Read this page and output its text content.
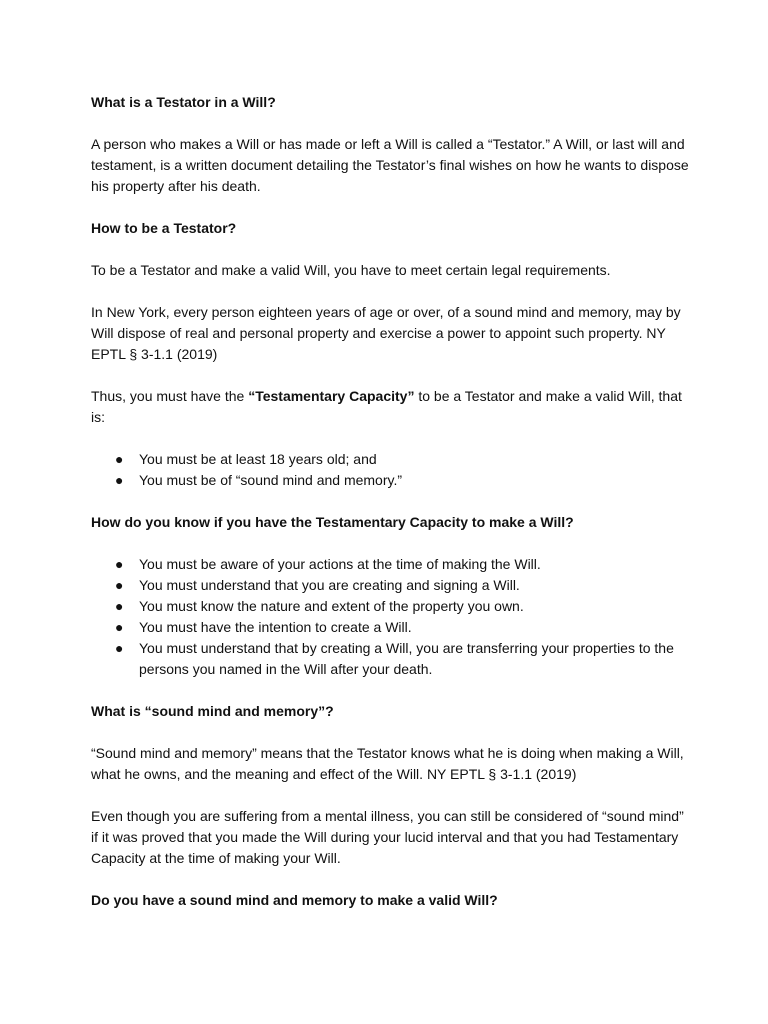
What is a Testator in a Will?

A person who makes a Will or has made or left a Will is called a “Testator.” A Will, or last will and testament, is a written document detailing the Testator’s final wishes on how he wants to dispose his property after his death.

How to be a Testator?

To be a Testator and make a valid Will, you have to meet certain legal requirements.

In New York, every person eighteen years of age or over, of a sound mind and memory, may by Will dispose of real and personal property and exercise a power to appoint such property. NY EPTL § 3-1.1 (2019)

Thus, you must have the “Testamentary Capacity” to be a Testator and make a valid Will, that is:

●	You must be at least 18 years old; and
●	You must be of “sound mind and memory.”

How do you know if you have the Testamentary Capacity to make a Will?

●	You must be aware of your actions at the time of making the Will.
●	You must understand that you are creating and signing a Will.
●	You must know the nature and extent of the property you own.
●	You must have the intention to create a Will.
●	You must understand that by creating a Will, you are transferring your properties to the persons you named in the Will after your death.

What is “sound mind and memory”?

“Sound mind and memory” means that the Testator knows what he is doing when making a Will, what he owns, and the meaning and effect of the Will. NY EPTL § 3-1.1 (2019)

Even though you are suffering from a mental illness, you can still be considered of “sound mind” if it was proved that you made the Will during your lucid interval and that you had Testamentary Capacity at the time of making your Will.

Do you have a sound mind and memory to make a valid Will?
